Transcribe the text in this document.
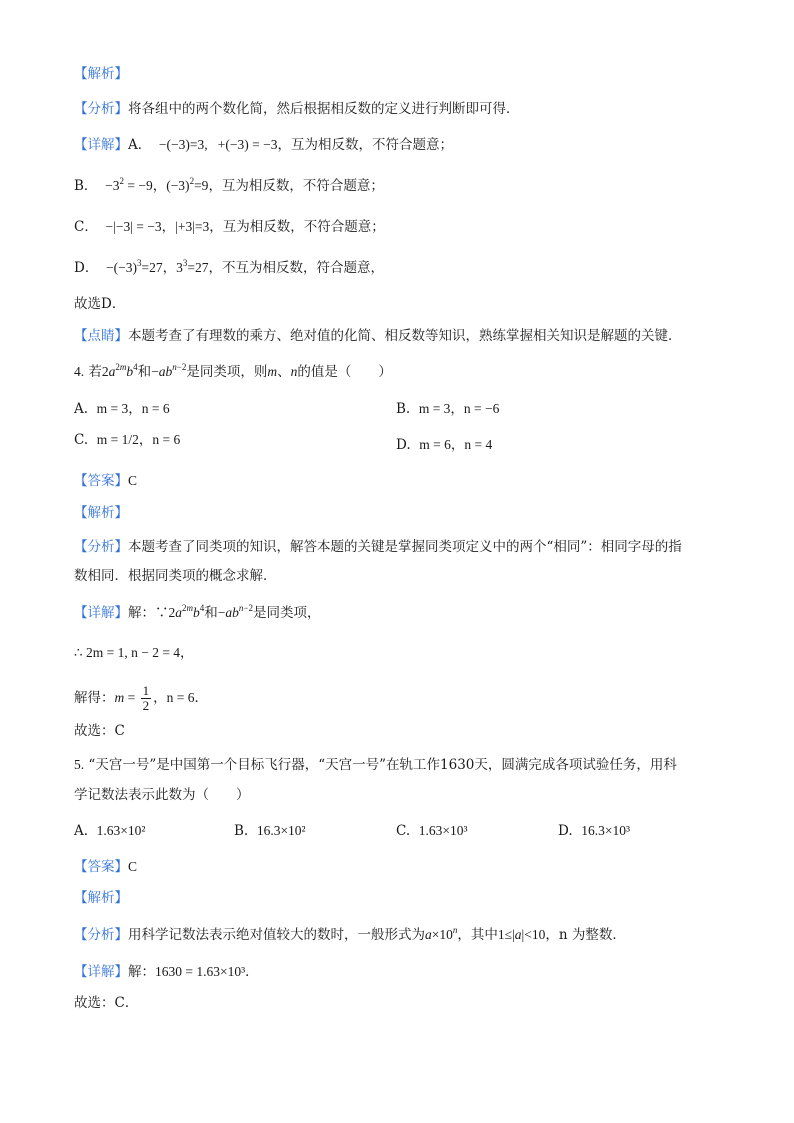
【解析】
【分析】将各组中的两个数化简，然后根据相反数的定义进行判断即可得．
【详解】A．  −(−3)=3,   +(−3) = −3，互为相反数，不符合题意；
B．  $-3^2 = -9$，$(-3)^2=9$，互为相反数，不符合题意；
C．  −|−3| = −3，|+3|=3，互为相反数，不符合题意；
D．  $-(-3)^3=27$，$3^3=27$，不互为相反数，符合题意，
故选D．
【点睛】本题考查了有理数的乘方、绝对值的化简、相反数等知识，熟练掌握相关知识是解题的关键．
4. 若$2a^{2m}b^4$和$-ab^{n-2}$是同类项，则m、n的值是（　　）
A. m = 3，n = 6	B. m = 3，n = −6
C. m = 1/2，n = 6	D. m = 6，n = 4
【答案】C
【解析】
【分析】本题考查了同类项的知识，解答本题的关键是掌握同类项定义中的两个“相同”：相同字母的指
数相同．根据同类项的概念求解．
【详解】解：$\because 2a^{2m}b^4$和$-ab^{n-2}$是同类项，
∴ 2m = 1, n − 2 = 4，
解得：$m = \frac{1}{2}$ ，n = 6．
故选：C
5. “天宫一号”是中国第一个目标飞行器，“天宫一号”在轨工作1630天，圆满完成各项试验任务，用科
学记数法表示此数为（　　）
A. 1.63×10²	B. 16.3×10²	C. 1.63×10³	D. 16.3×10³
【答案】C
【解析】
【分析】用科学记数法表示绝对值较大的数时，一般形式为$a\times 10^n$，其中1≤|a|<10，n 为整数．
【详解】解：1630 = 1.63×10³．
故选：C．
